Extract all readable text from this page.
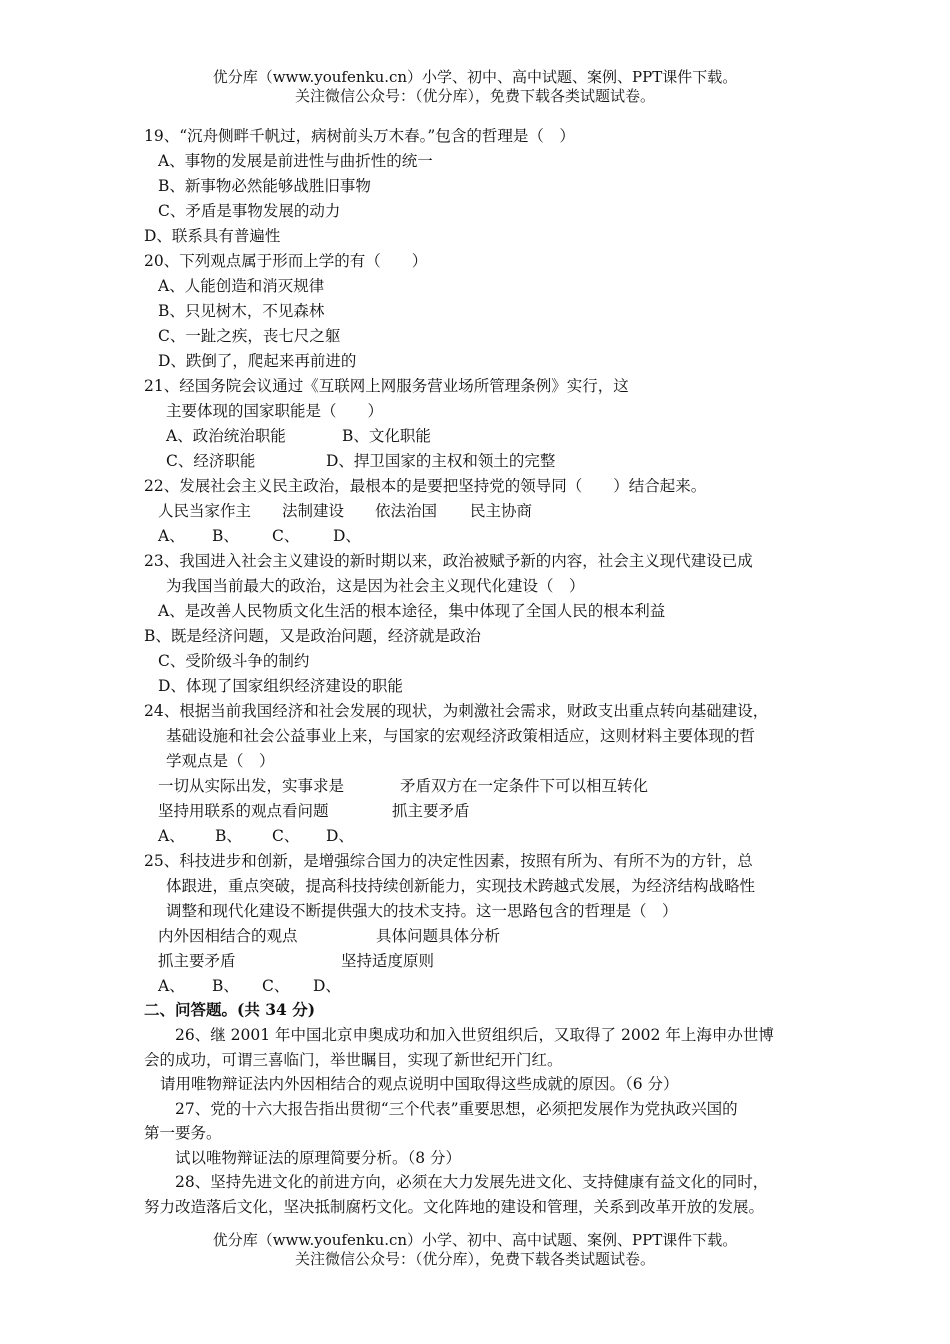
优分库（www.youfenku.cn）小学、初中、高中试题、案例、PPT课件下载。
关注微信公众号：（优分库），免费下载各类试题试卷。
19、“沉舟侧畔千帆过，病树前头万木春。”包含的哲理是（　）
A、事物的发展是前进性与曲折性的统一
B、新事物必然能够战胜旧事物
C、矛盾是事物发展的动力
D、联系具有普遍性
20、下列观点属于形而上学的有（　　）
A、人能创造和消灭规律
B、只见树木，不见森林
C、一趾之疾，丧七尺之躯
D、跌倒了，爬起来再前进的
21、经国务院会议通过《互联网上网服务营业场所管理条例》实行，这
主要体现的国家职能是（　　）
A、政治统治职能	B、文化职能
C、经济职能	D、捍卫国家的主权和领土的完整
22、发展社会主义民主政治，最根本的是要把坚持党的领导同（　　）结合起来。
人民当家作主 法制建设 依法治国 民主协商
A、 B、 C、 D、
23、我国进入社会主义建设的新时期以来，政治被赋予新的内容，社会主义现代建设已成
为我国当前最大的政治，这是因为社会主义现代化建设（　）
A、是改善人民物质文化生活的根本途径，集中体现了全国人民的根本利益
B、既是经济问题，又是政治问题，经济就是政治
C、受阶级斗争的制约
D、体现了国家组织经济建设的职能
24、根据当前我国经济和社会发展的现状，为刺激社会需求，财政支出重点转向基础建设，
基础设施和社会公益事业上来，与国家的宏观经济政策相适应，这则材料主要体现的哲
学观点是（　）
一切从实际出发，实事求是	矛盾双方在一定条件下可以相互转化
坚持用联系的观点看问题	抓主要矛盾
A、 B、 C、 D、
25、科技进步和创新，是增强综合国力的决定性因素，按照有所为、有所不为的方针，总
体跟进，重点突破，提高科技持续创新能力，实现技术跨越式发展，为经济结构战略性
调整和现代化建设不断提供强大的技术支持。这一思路包含的哲理是（　）
内外因相结合的观点	具体问题具体分析
抓主要矛盾	坚持适度原则
A、 B、 C、 D、
二、问答题。(共 34 分)
26、继 2001 年中国北京申奥成功和加入世贸组织后，又取得了 2002 年上海申办世博
会的成功，可谓三喜临门，举世瞩目，实现了新世纪开门红。
请用唯物辩证法内外因相结合的观点说明中国取得这些成就的原因。（6 分）
27、党的十六大报告指出贯彻“三个代表”重要思想，必须把发展作为党执政兴国的
第一要务。
试以唯物辩证法的原理简要分析。（8 分）
28、坚持先进文化的前进方向，必须在大力发展先进文化、支持健康有益文化的同时，
努力改造落后文化，坚决抵制腐朽文化。文化阵地的建设和管理，关系到改革开放的发展。
优分库（www.youfenku.cn）小学、初中、高中试题、案例、PPT课件下载。
关注微信公众号：（优分库），免费下载各类试题试卷。
